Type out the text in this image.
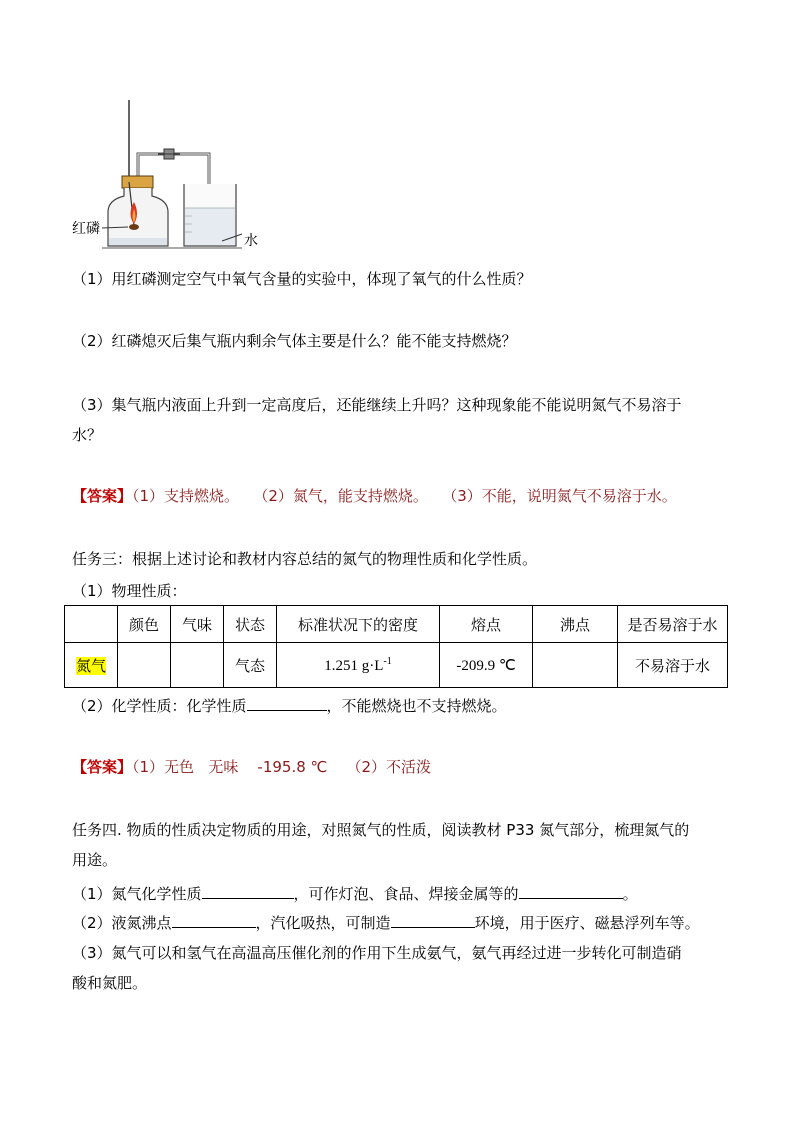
红磷
水
（1）用红磷测定空气中氧气含量的实验中，体现了氧气的什么性质？
（2）红磷熄灭后集气瓶内剩余气体主要是什么？能不能支持燃烧？
（3）集气瓶内液面上升到一定高度后，还能继续上升吗？这种现象能不能说明氮气不易溶于
水？
【答案】（1）支持燃烧。   （2）氮气，能支持燃烧。   （3）不能，说明氮气不易溶于水。
任务三：根据上述讨论和教材内容总结的氮气的物理性质和化学性质。
（1）物理性质：
	颜色	气味	状态	标准状况下的密度	熔点	沸点	是否易溶于水
氮气			气态	1.251 $g\cdot L^{-1}$	-209.9 ℃		不易溶于水
（2）化学性质：化学性质	，不能燃烧也不支持燃烧。
【答案】（1）无色   无味    -195.8 ℃    （2）不活泼
任务四. 物质的性质决定物质的用途，对照氮气的性质，阅读教材 P33 氮气部分，梳理氮气的
用途。
（1）氮气化学性质	，可作灯泡、食品、焊接金属等的	。
（2）液氮沸点	，汽化吸热，可制造	环境，用于医疗、磁悬浮列车等。
（3）氮气可以和氢气在高温高压催化剂的作用下生成氨气，氨气再经过进一步转化可制造硝
酸和氮肥。
